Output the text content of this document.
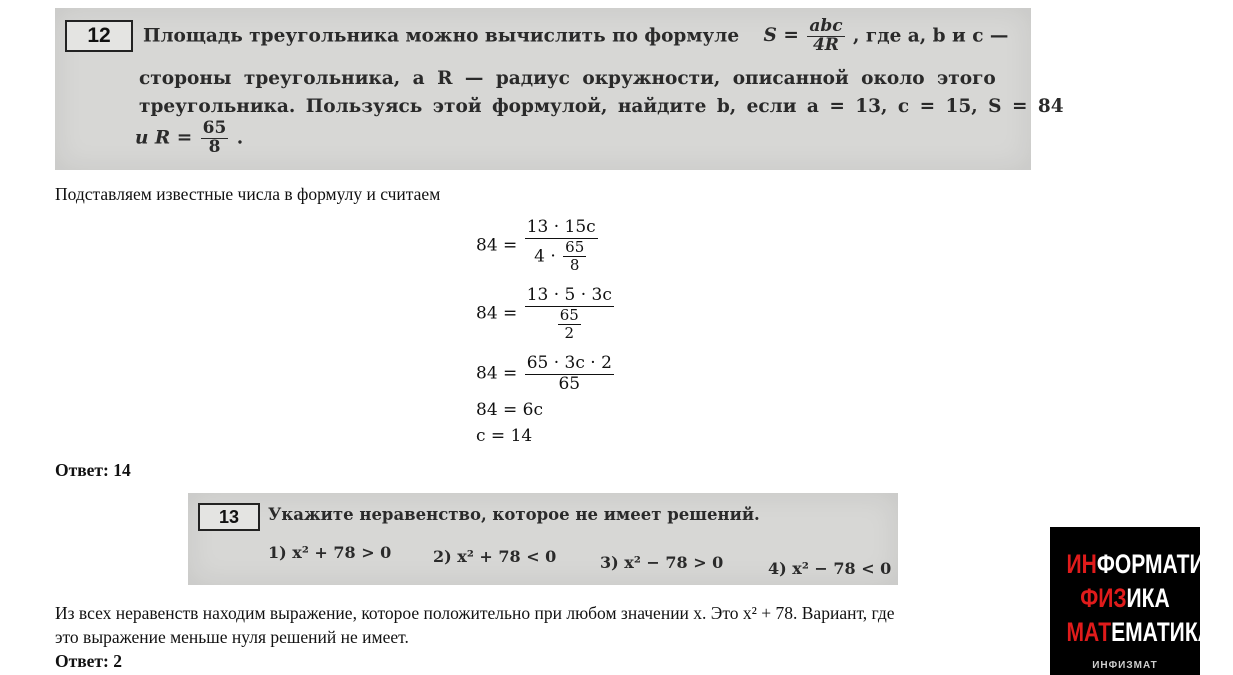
12	Площадь треугольника можно вычислить по формуле $S = \frac{\text{abc}}{4R}$ , где a, b и c —
стороны треугольника, а R — радиус окружности, описанной около этого
треугольника. Пользуясь этой формулой, найдите b, если a = 13, c = 15, S = 84
и $R = \frac{65}{8}$ .
Подставляем известные числа в формулу и считаем
$84 = \frac{13 \cdot 15c}{4 \cdot \frac{65}{8}}$
$84 = \frac{13 \cdot 5 \cdot 3c}{\frac{65}{2}}$
$84 = \frac{65 \cdot 3c \cdot 2}{65}$
84 = 6c
c = 14
Ответ: 14
13	Укажите неравенство, которое не имеет решений.
1) x² + 78 > 0	2) x² + 78 < 0	3) x² − 78 > 0	4) x² − 78 < 0
Из всех неравенств находим выражение, которое положительно при любом значении x. Это x² + 78. Вариант, где
это выражение меньше нуля решений не имеет.
Ответ: 2
ИНФОРМАТИКА
ФИЗИКА
МАТЕМАТИКА
ИНФИЗМАТ
